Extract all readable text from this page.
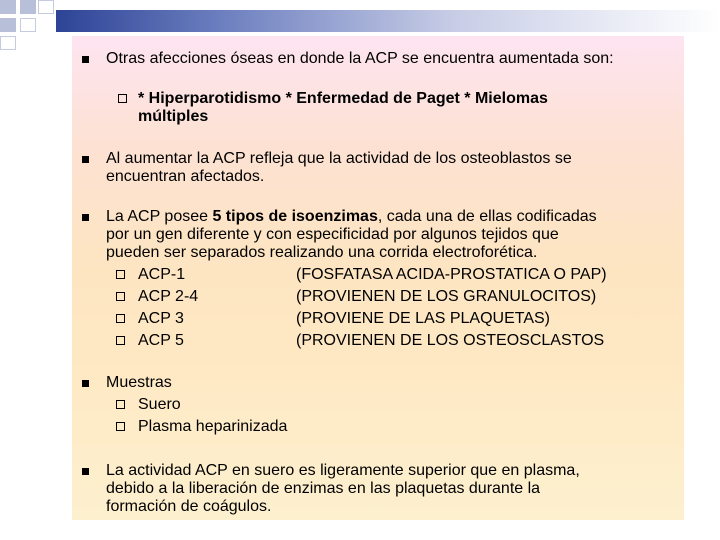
Otras afecciones óseas en donde la ACP se encuentra aumentada son:
* Hiperparotidismo * Enfermedad de Paget * Mielomas múltiples
Al aumentar la ACP refleja que la actividad de los osteoblastos se
encuentran afectados.
La ACP posee 5 tipos de isoenzimas, cada una de ellas codificadas
por un gen diferente y con especificidad por algunos tejidos que
pueden ser separados realizando una corrida electroforética.
ACP-1	(FOSFATASA ACIDA-PROSTATICA O PAP)
ACP 2-4	(PROVIENEN DE LOS GRANULOCITOS)
ACP 3	(PROVIENE DE LAS PLAQUETAS)
ACP 5	(PROVIENEN DE LOS OSTEOSCLASTOS
Muestras
Suero
Plasma heparinizada
La actividad ACP en suero es ligeramente superior que en plasma,
debido a la liberación de enzimas en las plaquetas durante la
formación de coágulos.
